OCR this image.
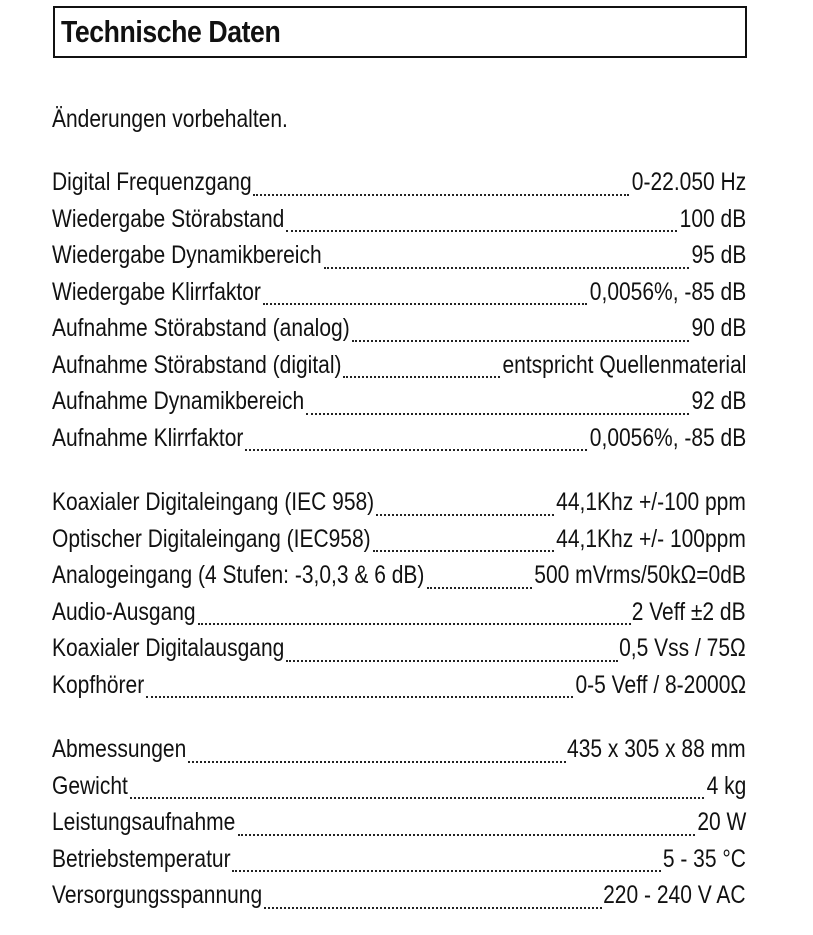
Technische Daten
Änderungen vorbehalten.
Digital Frequenzgang	0-22.050 Hz
Wiedergabe Störabstand	100 dB
Wiedergabe Dynamikbereich	95 dB
Wiedergabe Klirrfaktor	0,0056%, -85 dB
Aufnahme Störabstand (analog)	90 dB
Aufnahme Störabstand (digital)	entspricht Quellenmaterial
Aufnahme Dynamikbereich	92 dB
Aufnahme Klirrfaktor	0,0056%, -85 dB
Koaxialer Digitaleingang (IEC 958)	44,1Khz +/-100 ppm
Optischer Digitaleingang (IEC958)	44,1Khz +/- 100ppm
Analogeingang (4 Stufen: -3,0,3 & 6 dB)	500 mVrms/50kΩ=0dB
Audio-Ausgang	2 Veff ±2 dB
Koaxialer Digitalausgang	0,5 Vss / 75Ω
Kopfhörer	0-5 Veff / 8-2000Ω
Abmessungen	435 x 305 x 88 mm
Gewicht	4 kg
Leistungsaufnahme	20 W
Betriebstemperatur	5 - 35 °C
Versorgungsspannung	220 - 240 V AC
